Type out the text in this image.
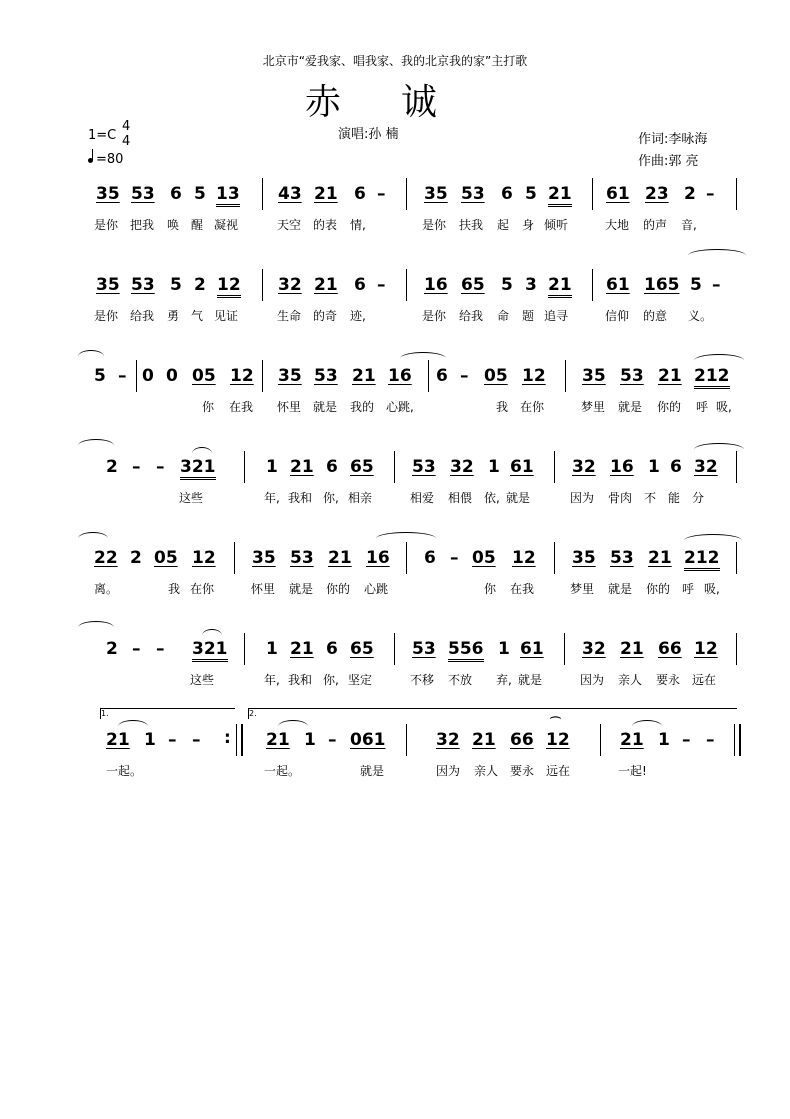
北京市“爱我家、唱我家、我的北京我的家”主打歌
赤诚
1=C
4
4
=80
演唱:孙 楠	作词:李咏海
作曲:郭 亮
35 53 6 5 13 43 21 6 – 35 53 6 5 21 61 23 2 –
是你 把我 唤 醒 凝视	天空 的表 情,	是你 扶我 起 身 倾听	大地 的声 音,
35 53 5 2 12 32 21 6 – 16 65 5 3 21 61 165 5 –
是你 给我 勇 气 见证	生命 的奇 迹,	是你 给我 命 题 追寻	信仰 的意 义。
5 – 0 0 05 12 35 53 21 16 6 – 05 12 35 53 21 212
你 在我 怀里 就是 我的 心跳,	我 在你	梦里 就是 你的 呼 吸,
2 – – 321	1 21 6 65 53 32 1 61 32 16 1 6 32
这些	年, 我和 你, 相亲	相爱 相偎 依, 就是	因为 骨肉 不 能 分
22 2 05 12 35 53 21 16 6 – 05 12 35 53 21 212
离。	我 在你	怀里 就是 你的 心跳	你 在我	梦里 就是 你的 呼 吸,
2 – – 321 1 21 6 65 53 556 1 61 32 21 66 12
这些	年, 我和 你, 坚定	不移 不放 弃, 就是	因为 亲人 要永 远在
1.	2.
21 1 – – : 21 1 – 061	32 21 66 12
⌒
21 1 – –
一起。	一起。	就是	因为 亲人 要永 远在	一起!
